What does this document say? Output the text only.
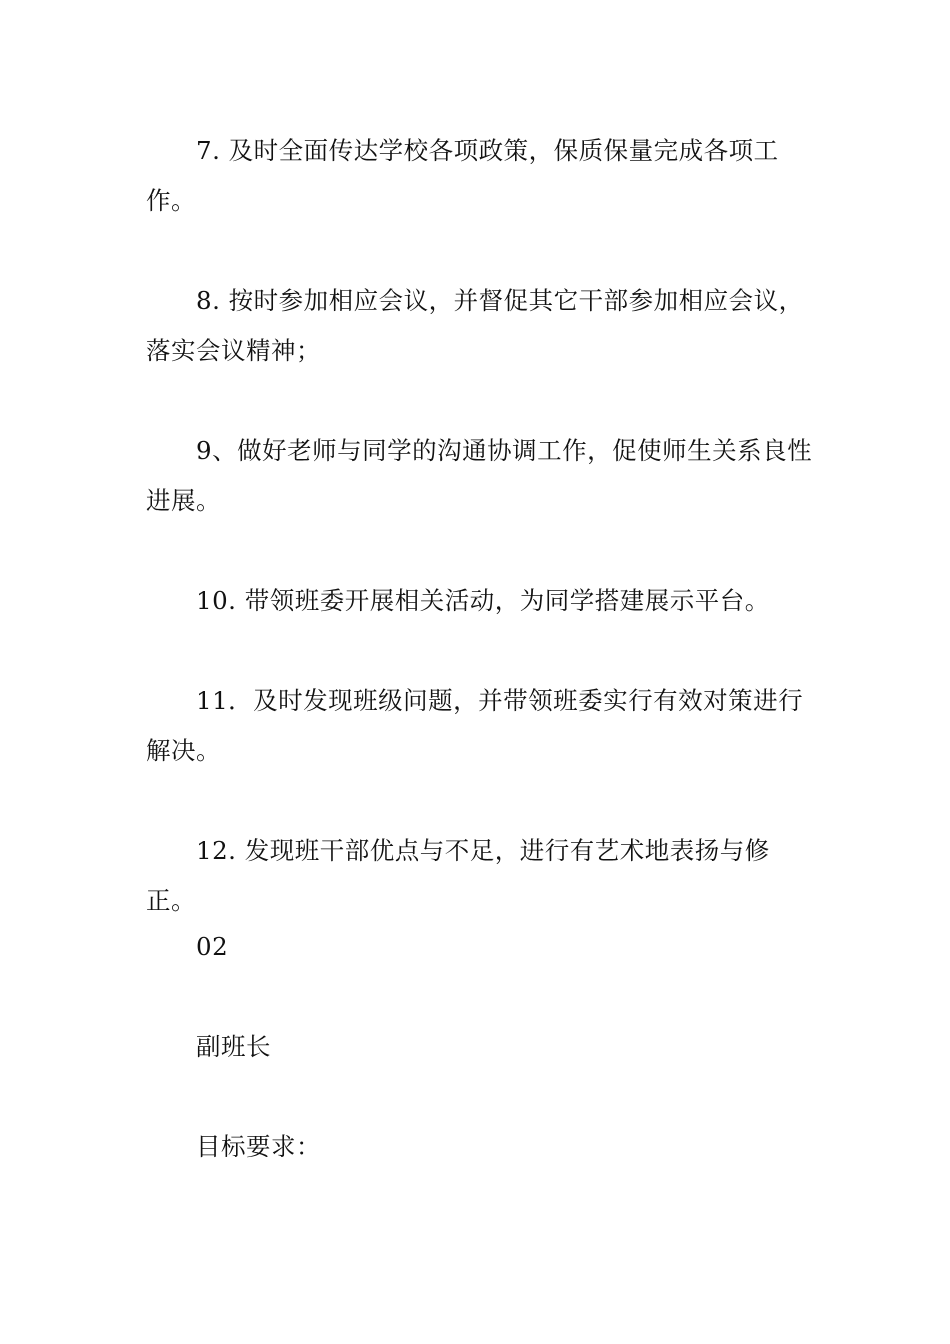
7. 及时全面传达学校各项政策，保质保量完成各项工作。

8. 按时参加相应会议，并督促其它干部参加相应会议，落实会议精神；

9、做好老师与同学的沟通协调工作，促使师生关系良性进展。

10. 带领班委开展相关活动，为同学搭建展示平台。

11．及时发现班级问题，并带领班委实行有效对策进行解决。

12. 发现班干部优点与不足，进行有艺术地表扬与修正。

02

副班长

目标要求：
